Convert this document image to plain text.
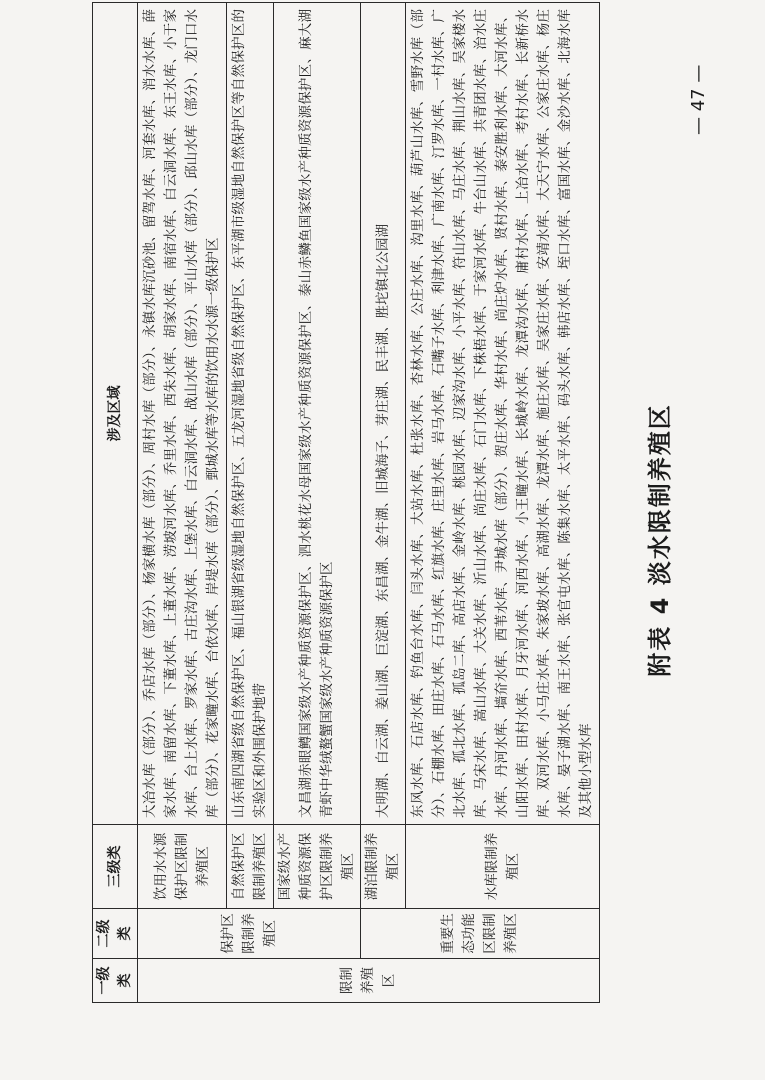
一级类	二级类	三级类	涉及区域
限制养殖区	保护区限制养殖区	饮用水水源保护区限制养殖区	大冶水库（部分）、乔店水库（部分）、杨家横水库（部分）、周村水库（部分）、永镇水库沉砂池、留驾水库、河套水库、消水水库、薛家水库、南留水库、下董水库、上董水库、涝坡河水库、乔里水库、西朱水库、胡家水库、南宿水库、白云洞水库、东王水库、小于家水库、台上水库、罗家水库、古庄沟水库、上堡水库、白云洞水库、战山水库（部分）、平山水库（部分）、邱山水库（部分）、龙门口水库（部分）、花家疃水库、台依水库、岸堤水库（部分）、鄄城水库等水库的饮用水水源一级保护区
		自然保护区限制养殖区	山东南四湖省级自然保护区、福山银湖省级湿地自然保护区、五龙河湿地省级自然保护区、东平湖市级湿地自然保护区等自然保护区的实验区和外围保护地带
		国家级水产种质资源保护区限制养殖区	文昌湖赤眼鳟国家级水产种质资源保护区、泗水桃花水母国家级水产种质资源保护区、泰山赤鳞鱼国家级水产种质资源保护区、麻大湖青虾中华绒螯蟹国家级水产种质资源保护区
	重要生态功能区限制养殖区	湖泊限制养殖区	大明湖、白云湖、姜山湖、巨淀湖、东昌湖、金牛湖、旧城海子、芽庄湖、民丰湖、胜坨镇北公园湖
		水库限制养殖区	东风水库、石店水库、钓鱼台水库、闫头水库、大站水库、杜张水库、杏林水库、公庄水库、沟里水库、葫芦山水库、雪野水库（部分）、石棚水库、田庄水库、石马水库、红旗水库、庄里水库、岩马水库、石嘴子水库、利津水库、广南水库、汀罗水库、一村水库、广北水库、孤北水库、孤岛二库、高店水库、金岭水库、桃园水库、辺家沟水库、小平水库、符山水库、马庄水库、荆山水库、吴家楼水库、马宋水库、嵩山水库、大关水库、沂山水库、尚庄水库、石门水库、下株梧水库、于家河水库、牛台山水库、共青团水库、治水庄水库、丹河水库、墙夼水库、西苇水库、尹城水库（部分）、贺庄水库、华村水库、尚庄炉水库、贤村水库、泰安胜利水库、大河水库、山阳水库、田村水库、月牙河水库、河西水库、小王疃水库、长城岭水库、龙潭沟水库、庸村水库、上冶水库、考村水库、长新桥水库、双河水库、小马庄水库、朱家坡水库、高湖水库、龙潭水库、施庄水库、吴家庄水库、安靖水库、大天宁水库、公家庄水库、杨庄水库、晏子湖水库、南王水库、张官屯水库、陈集水库、太平水库、码头水库、韩店水库、垤口水库、富国水库、金沙水库、北海水库及其他小型水库
附表 4 淡水限制养殖区
— 47 —
